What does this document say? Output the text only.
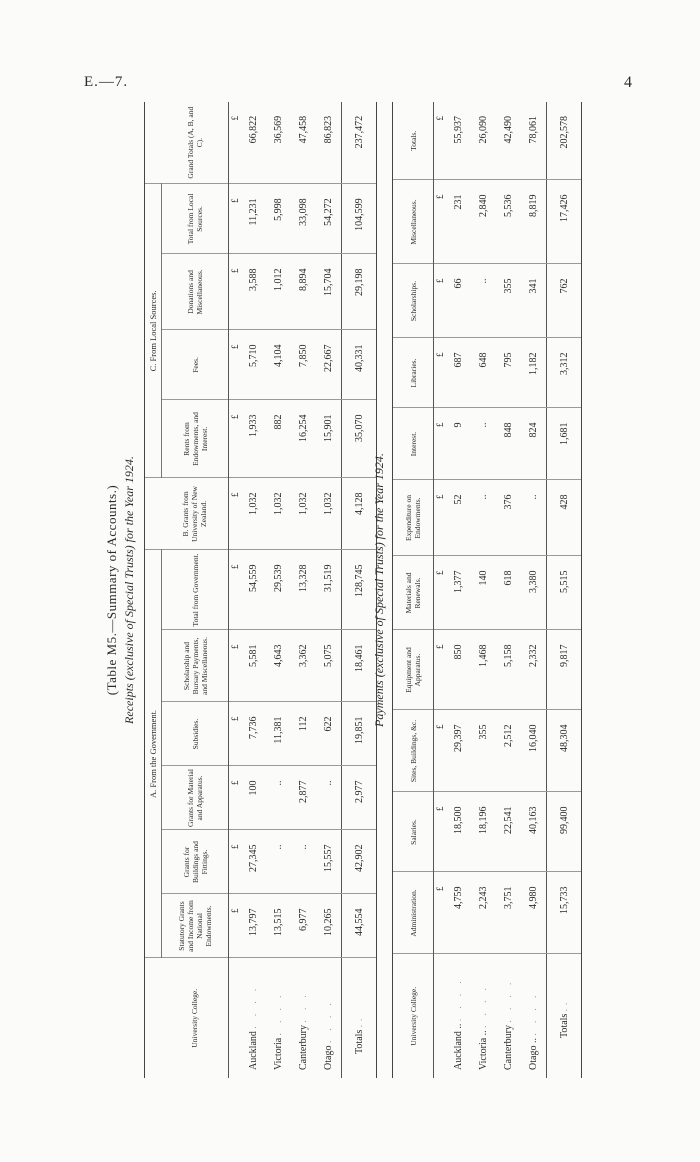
E.—7.	4
(Table M5.—Summary of Accounts.) Receipts (exclusive of Special Trusts) for the Year 1924.
	A. From the Government.							C. From Local Sources.				
University College.	Statutory Grants and Income from National Endowments.	Grants for Buildings and Fittings.	Grants for Material and Apparatus.	Subsidies.	Scholarship and Bursary Payments, and Miscellaneous.	Total from Government.	B. Grants from University of New Zealand.	Rents from Endowments, and Interest.	Fees.	Donations and Miscellaneous.	Total from Local Sources.	Grand Totals (A, B, and C).
	£	£	£	£	£	£	£	£	£	£	£	£
Auckland . . . .	13,797	27,345	100	7,736	5,581	54,559	1,032	1,933	5,710	3,588	11,231	66,822
Victoria . . . .	13,515	..	..	11,381	4,643	29,539	1,032	882	4,104	1,012	5,998	36,569
Canterbury . . .	6,977	..	2,877	112	3,362	13,328	1,032	16,254	7,850	8,894	33,098	47,458
Otago . . . .	10,265	15,557	..	622	5,075	31,519	1,032	15,901	22,667	15,704	54,272	86,823
Totals ..	44,554	42,902	2,977	19,851	18,461	128,745	4,128	35,070	40,331	29,198	104,599	237,472
Payments (exclusive of Special Trusts) for the Year 1924.
University College.	Administration.	Salaries.	Sites, Buildings, &c.	Equipment and Apparatus.	Materials and Renewals.	Expenditure on Endowments.	Interest.	Libraries.	Scholarships.	Miscellaneous.	Totals.
	£	£	£	£	£	£	£	£	£	£	£
Auckland .. . . . .	4,759	18,500	29,397	850	1,377	52	9	687	66	231	55,937
Victoria .. . . . .	2,243	18,196	355	1,468	140	..	..	648	..	2,840	26,090
Canterbury . . . .	3,751	22,541	2,512	5,158	618	376	848	795	355	5,536	42,490
Otago .. . . . .	4,980	40,163	16,040	2,332	3,380	..	824	1,182	341	8,819	78,061
Totals ..	15,733	99,400	48,304	9,817	5,515	428	1,681	3,312	762	17,426	202,578
